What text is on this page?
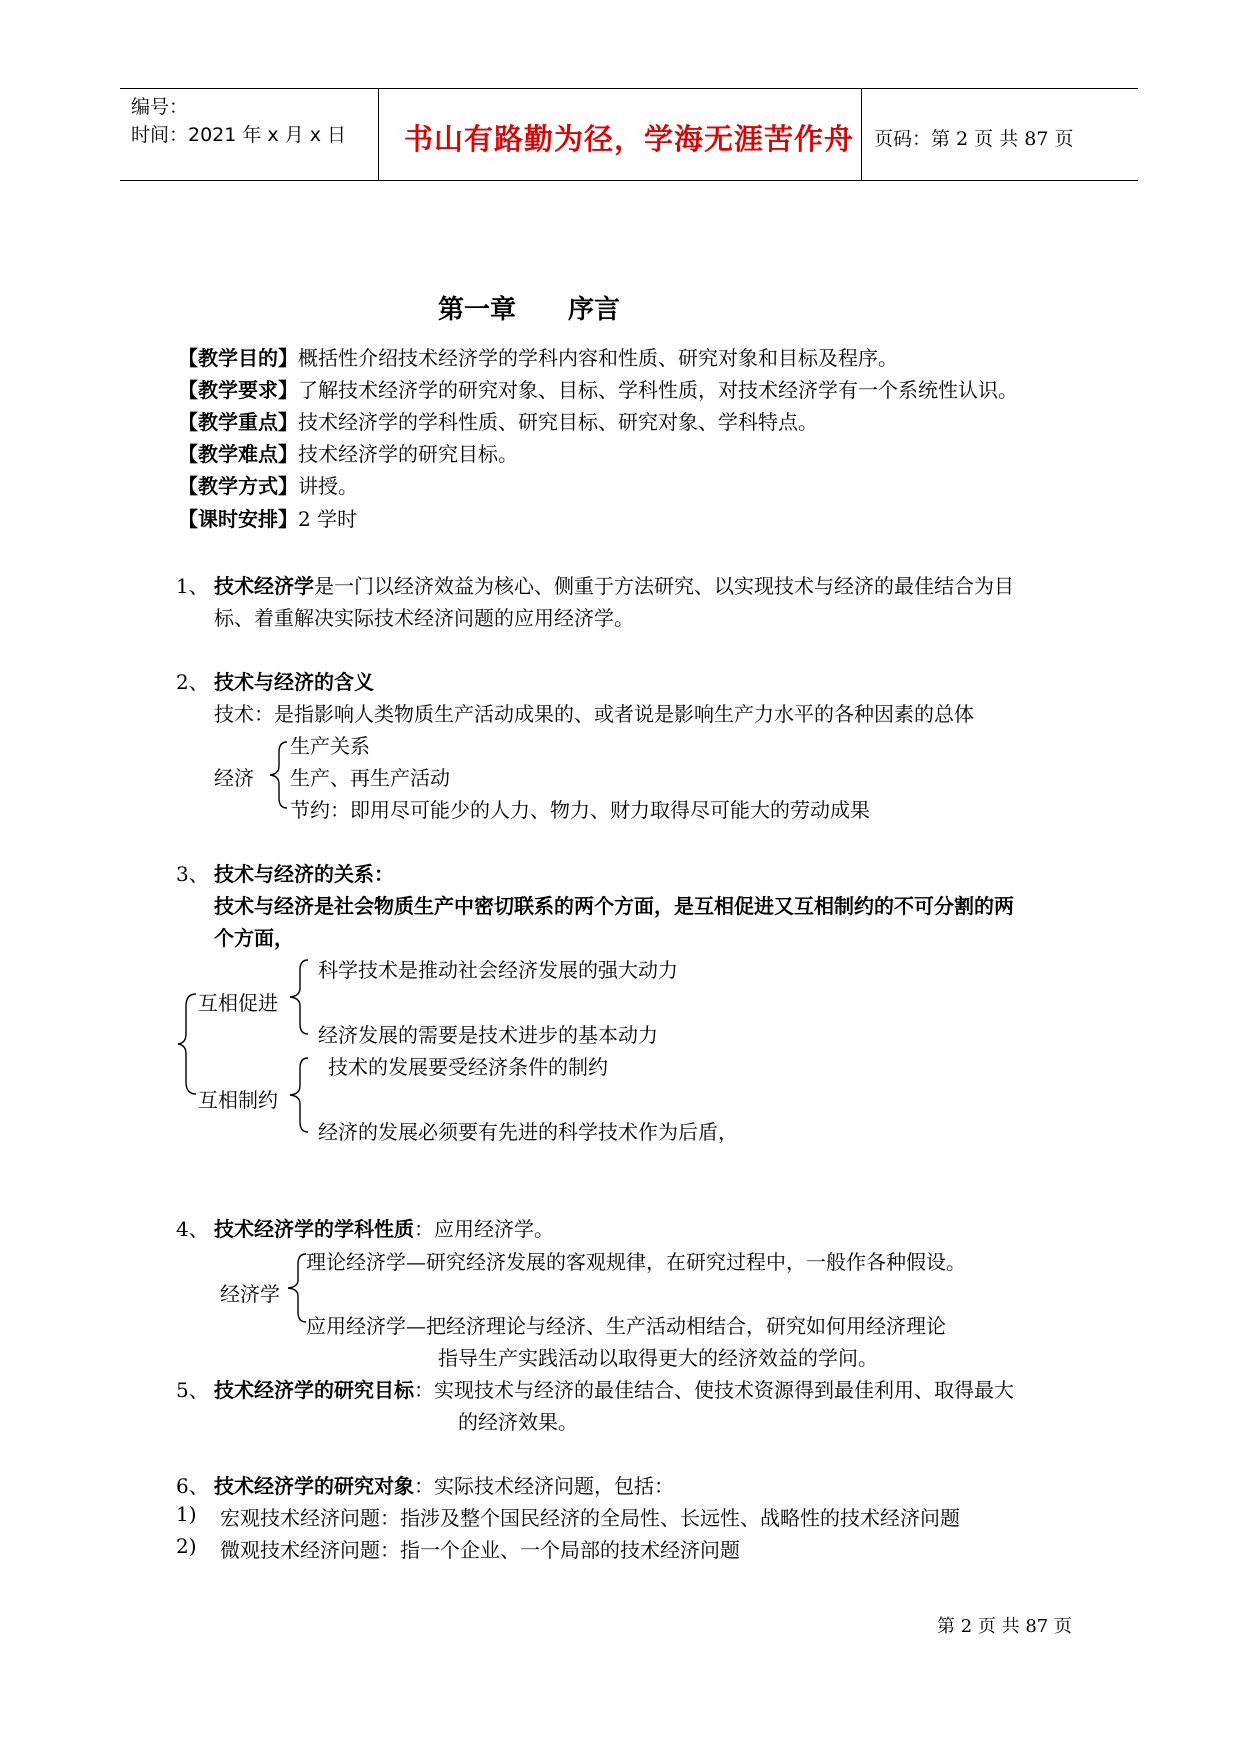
编号：
时间：2021 年 x 月 x 日 书山有路勤为径，学海无涯苦作舟 页码：第 2 页 共 87 页
第一章　　序言
【教学目的】概括性介绍技术经济学的学科内容和性质、研究对象和目标及程序。
【教学要求】了解技术经济学的研究对象、目标、学科性质，对技术经济学有一个系统性认识。
【教学重点】技术经济学的学科性质、研究目标、研究对象、学科特点。
【教学难点】技术经济学的研究目标。
【教学方式】讲授。
【课时安排】2 学时
1、 技术经济学是一门以经济效益为核心、侧重于方法研究、以实现技术与经济的最佳结合为目
标、着重解决实际技术经济问题的应用经济学。
2、 技术与经济的含义
技术：是指影响人类物质生产活动成果的、或者说是影响生产力水平的各种因素的总体
经济
生产关系
生产、再生产活动
节约：即用尽可能少的人力、物力、财力取得尽可能大的劳动成果
3、 技术与经济的关系：
技术与经济是社会物质生产中密切联系的两个方面，是互相促进又互相制约的不可分割的两
个方面，
互相促进
科学技术是推动社会经济发展的强大动力
经济发展的需要是技术进步的基本动力
互相制约
技术的发展要受经济条件的制约
经济的发展必须要有先进的科学技术作为后盾，
4、 技术经济学的学科性质：应用经济学。
经济学
理论经济学—研究经济发展的客观规律，在研究过程中，一般作各种假设。
应用经济学—把经济理论与经济、生产活动相结合，研究如何用经济理论
指导生产实践活动以取得更大的经济效益的学问。
5、 技术经济学的研究目标：实现技术与经济的最佳结合、使技术资源得到最佳利用、取得最大
的经济效果。
6、 技术经济学的研究对象：实际技术经济问题，包括：
1) 宏观技术经济问题：指涉及整个国民经济的全局性、长远性、战略性的技术经济问题
2) 微观技术经济问题：指一个企业、一个局部的技术经济问题
第 2 页 共 87 页
